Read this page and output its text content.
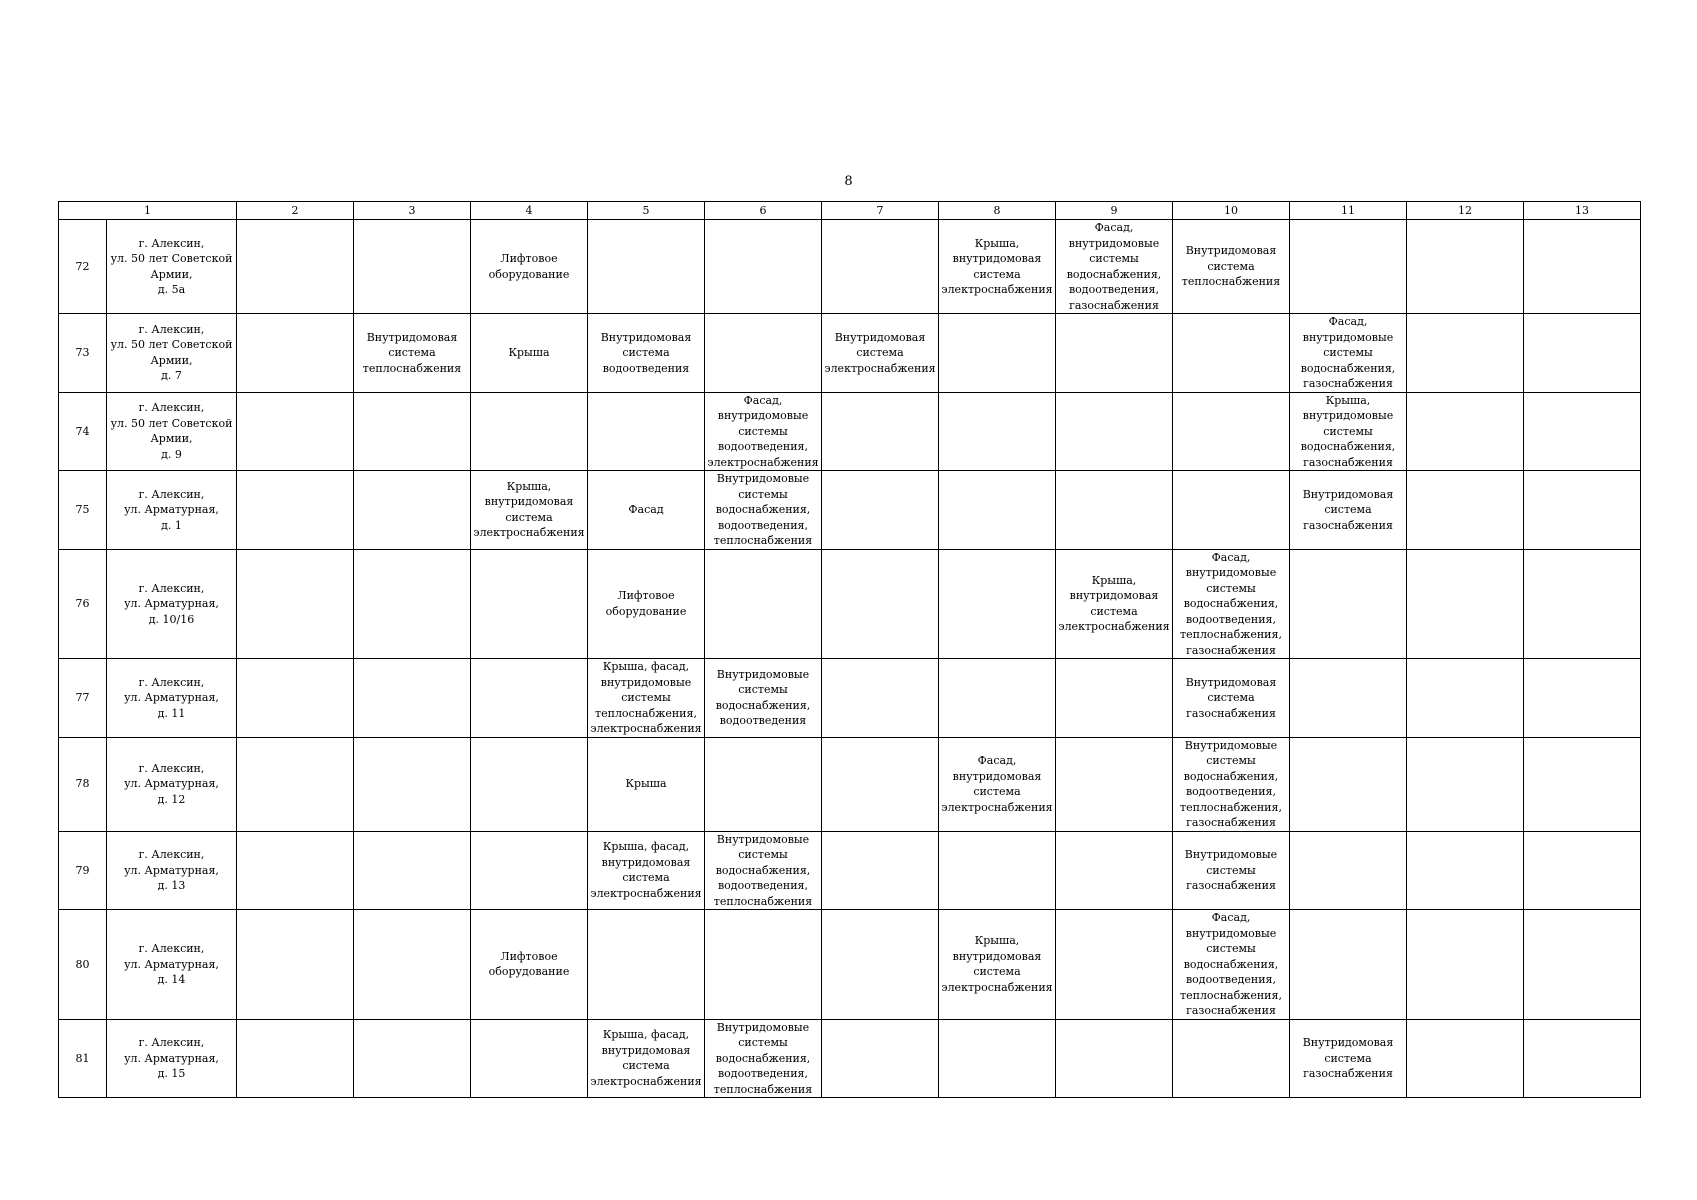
8
1		2	3	4	5	6	7	8	9	10	11	12	13
72	г. Алексин,
ул. 50 лет Советской Армии,
д. 5а			Лифтовое оборудование				Крыша, внутридомовая система электроснабжения	Фасад, внутридомовые системы водоснабжения, водоотведения, газоснабжения	Внутридомовая система теплоснабжения			
73	г. Алексин,
ул. 50 лет Советской Армии,
д. 7		Внутридомовая система теплоснабжения	Крыша	Внутридомовая система водоотведения		Внутридомовая система электроснабжения				Фасад, внутридомовые системы водоснабжения, газоснабжения		
74	г. Алексин,
ул. 50 лет Советской Армии,
д. 9					Фасад, внутридомовые системы водоотведения, электроснабжения					Крыша, внутридомовые системы водоснабжения, газоснабжения		
75	г. Алексин,
ул. Арматурная,
д. 1			Крыша, внутридомовая система электроснабжения	Фасад	Внутридомовые системы водоснабжения, водоотведения, теплоснабжения					Внутридомовая система газоснабжения		
76	г. Алексин,
ул. Арматурная,
д. 10/16				Лифтовое оборудование				Крыша, внутридомовая система электроснабжения	Фасад, внутридомовые системы водоснабжения, водоотведения, теплоснабжения, газоснабжения			
77	г. Алексин,
ул. Арматурная,
д. 11				Крыша, фасад, внутридомовые системы теплоснабжения, электроснабжения	Внутридомовые системы водоснабжения, водоотведения				Внутридомовая система газоснабжения			
78	г. Алексин,
ул. Арматурная,
д. 12				Крыша			Фасад, внутридомовая система электроснабжения		Внутридомовые системы водоснабжения, водоотведения, теплоснабжения, газоснабжения			
79	г. Алексин,
ул. Арматурная,
д. 13				Крыша, фасад, внутридомовая система электроснабжения	Внутридомовые системы водоснабжения, водоотведения, теплоснабжения				Внутридомовые системы газоснабжения			
80	г. Алексин,
ул. Арматурная,
д. 14			Лифтовое оборудование				Крыша, внутридомовая система электроснабжения		Фасад, внутридомовые системы водоснабжения, водоотведения, теплоснабжения, газоснабжения			
81	г. Алексин,
ул. Арматурная,
д. 15				Крыша, фасад, внутридомовая система электроснабжения	Внутридомовые системы водоснабжения, водоотведения, теплоснабжения					Внутридомовая система газоснабжения		
